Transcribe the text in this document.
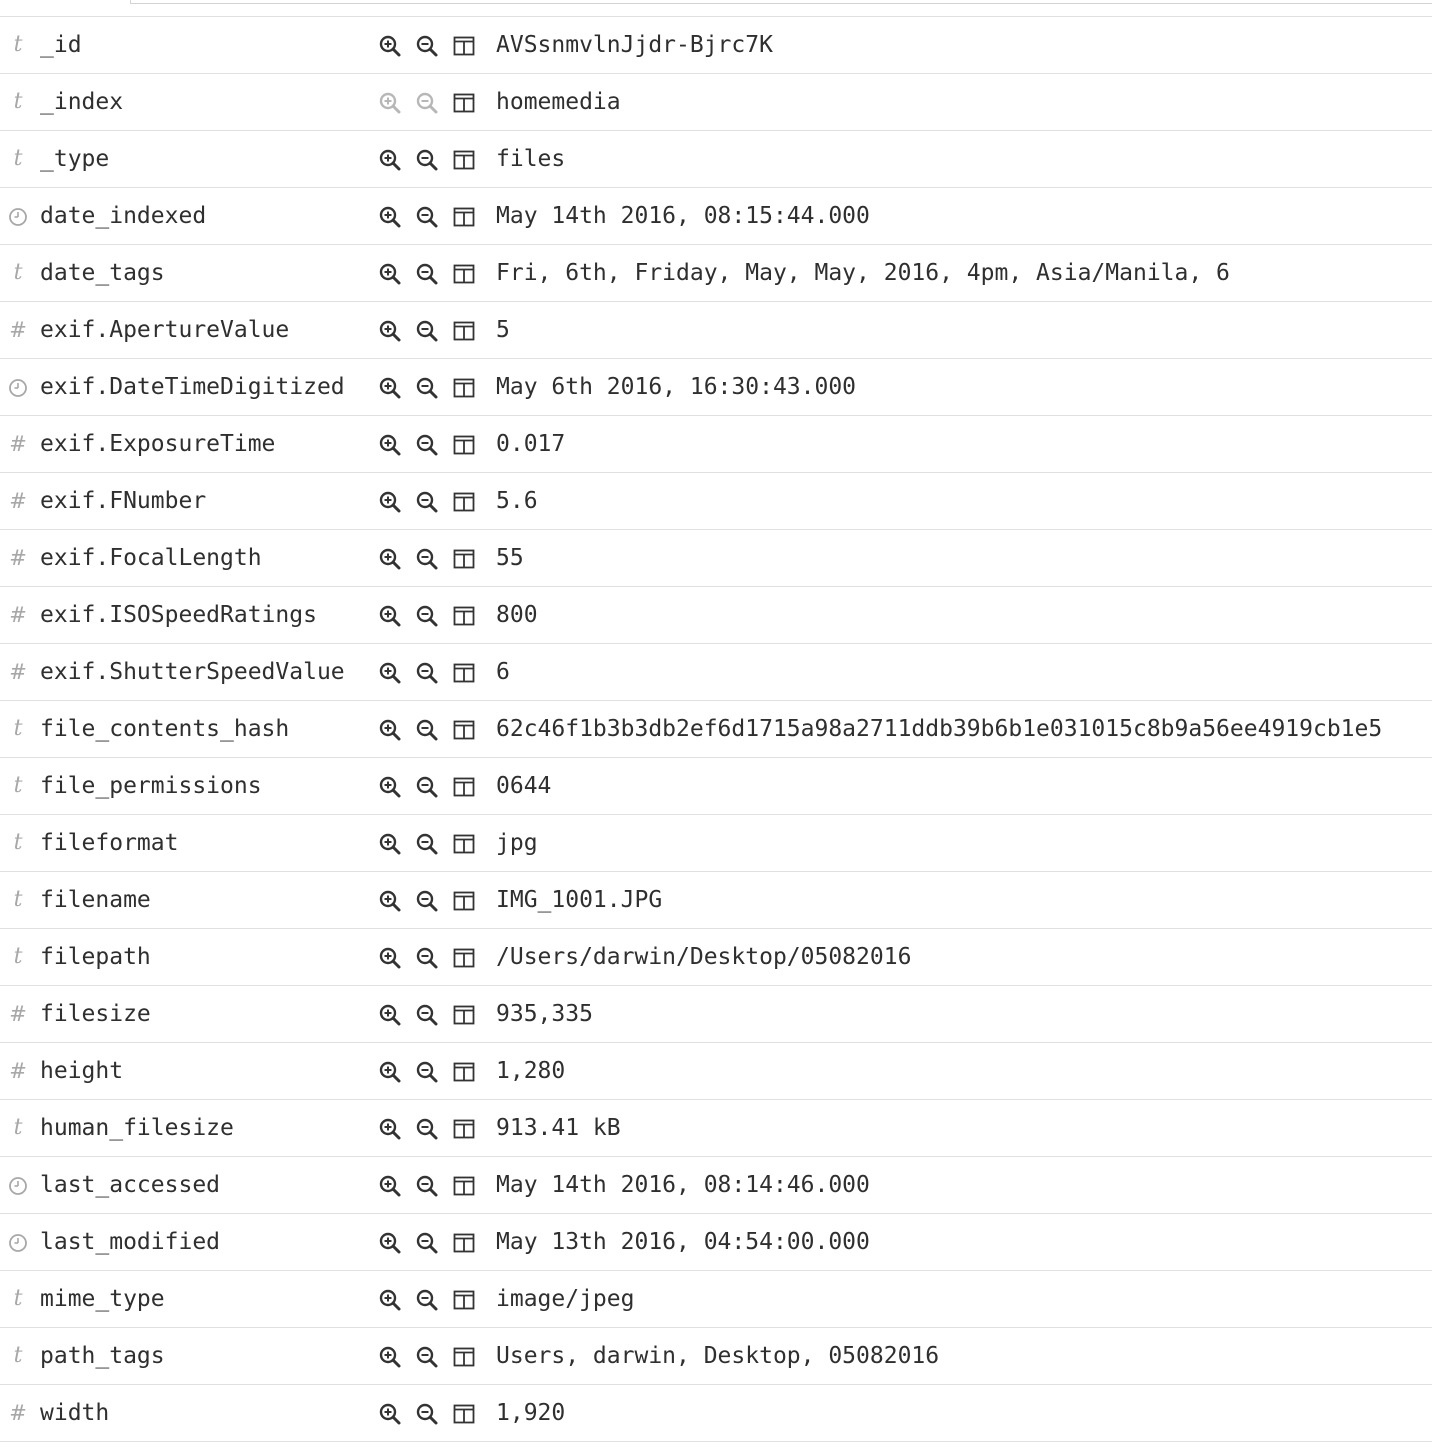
t _id	AVSsnmvlnJjdr-Bjrc7K
t _index	homemedia
t _type	files
date_indexed	May 14th 2016, 08:15:44.000
t date_tags	Fri, 6th, Friday, May, May, 2016, 4pm, Asia/Manila, 6
# exif.ApertureValue	5
exif.DateTimeDigitized	May 6th 2016, 16:30:43.000
# exif.ExposureTime	0.017
# exif.FNumber	5.6
# exif.FocalLength	55
# exif.ISOSpeedRatings	800
# exif.ShutterSpeedValue	6
t file_contents_hash	62c46f1b3b3db2ef6d1715a98a2711ddb39b6b1e031015c8b9a56ee4919cb1e5
t file_permissions	0644
t fileformat	jpg
t filename	IMG_1001.JPG
t filepath	/Users/darwin/Desktop/05082016
# filesize	935,335
# height	1,280
t human_filesize	913.41 kB
last_accessed	May 14th 2016, 08:14:46.000
last_modified	May 13th 2016, 04:54:00.000
t mime_type	image/jpeg
t path_tags	Users, darwin, Desktop, 05082016
# width	1,920
